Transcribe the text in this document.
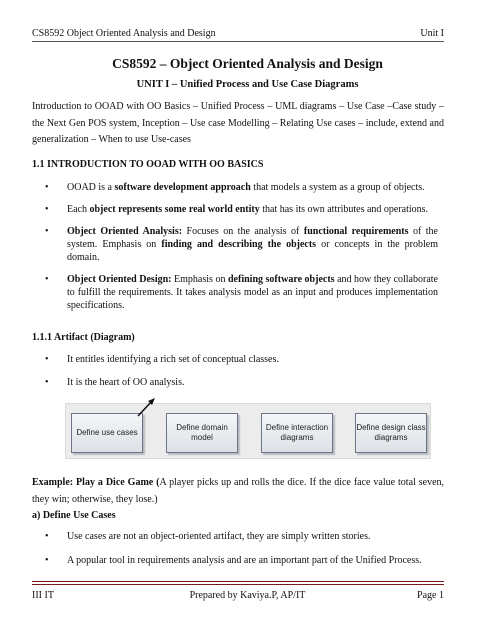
CS8592 Object Oriented Analysis and Design	Unit I
CS8592 – Object Oriented Analysis and Design
UNIT I – Unified Process and Use Case Diagrams
Introduction to OOAD with OO Basics – Unified Process – UML diagrams – Use Case –Case study – the Next Gen POS system, Inception – Use case Modelling – Relating Use cases – include, extend and generalization – When to use Use-cases
1.1 INTRODUCTION TO OOAD WITH OO BASICS
• OOAD is a software development approach that models a system as a group of objects.
• Each object represents some real world entity that has its own attributes and operations.
• Object Oriented Analysis: Focuses on the analysis of functional requirements of the system. Emphasis on finding and describing the objects or concepts in the problem domain.
• Object Oriented Design: Emphasis on defining software objects and how they collaborate to fulfill the requirements. It takes analysis model as an input and produces implementation specifications.
1.1.1 Artifact (Diagram)
• It entitles identifying a rich set of conceptual classes.
• It is the heart of OO analysis.
Define use cases
Define domain model
Define interaction diagrams
Define design class diagrams
Example: Play a Dice Game (A player picks up and rolls the dice. If the dice face value total seven, they win; otherwise, they lose.)
a) Define Use Cases
• Use cases are not an object-oriented artifact, they are simply written stories.
• A popular tool in requirements analysis and are an important part of the Unified Process.
III IT	Prepared by Kaviya.P, AP/IT	Page 1
